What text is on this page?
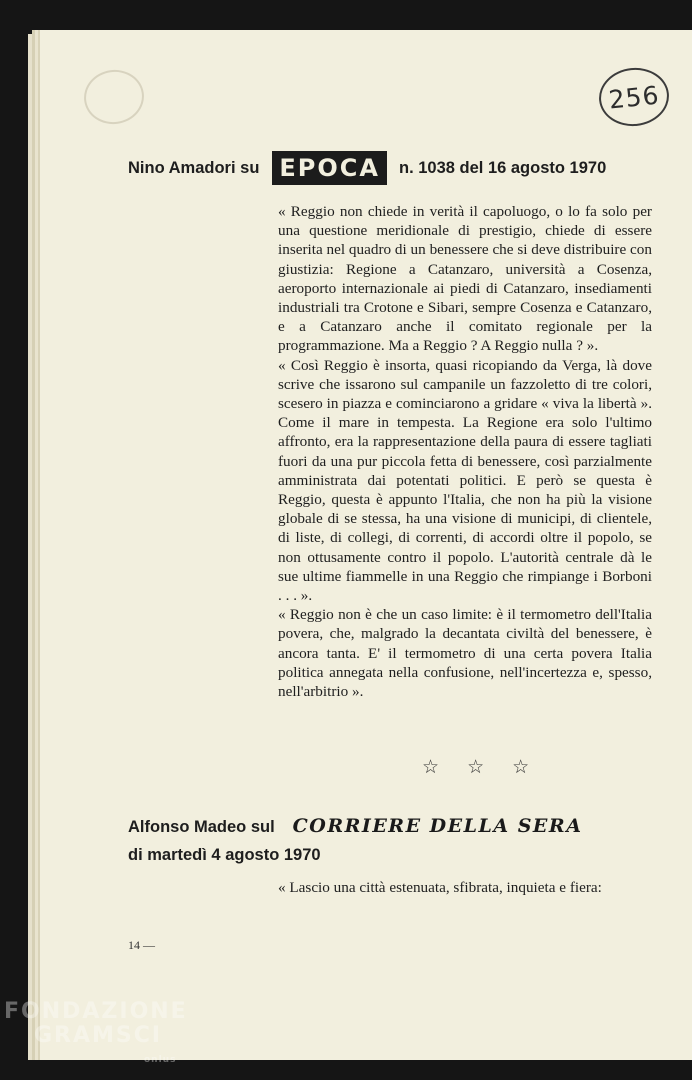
​	256
Nino Amadori su EPOCA	n. 1038 del 16 agosto 1970

« Reggio non chiede in verità il capoluogo, o lo fa solo per una questione meridionale di prestigio, chiede di essere inserita nel quadro di un benessere che si deve distribuire con giustizia: Regione a Catanzaro, università a Cosenza, aeroporto internazionale ai piedi di Catanzaro, insediamenti industriali tra Crotone e Sibari, sempre Cosenza e Catanzaro, e a Catanzaro anche il comitato regionale per la programmazione. Ma a Reggio ? A Reggio nulla ? ».

« Così Reggio è insorta, quasi ricopiando da Verga, là dove scrive che issarono sul campanile un fazzoletto di tre colori, scesero in piazza e cominciarono a gridare « viva la libertà ». Come il mare in tempesta. La Regione era solo l'ultimo affronto, era la rappresentazione della paura di essere tagliati fuori da una pur piccola fetta di benessere, così parzialmente amministrata dai potentati politici. E però se questa è Reggio, questa è appunto l'Italia, che non ha più la visione globale di se stessa, ha una visione di municipi, di clientele, di liste, di collegi, di correnti, di accordi oltre il popolo, se non ottusamente contro il popolo. L'autorità centrale dà le sue ultime fiammelle in una Reggio che rimpiange i Borboni . . . ».

« Reggio non è che un caso limite: è il termometro dell'Italia povera, che, malgrado la decantata civiltà del benessere, è ancora tanta. E' il termometro di una certa povera Italia politica annegata nella confusione, nell'incertezza e, spesso, nell'arbitrio ».

☆ ☆ ☆
Alfonso Madeo sul CORRIERE DELLA SERA
di martedì 4 agosto 1970
« Lascio una città estenuata, sfibrata, inquieta e fiera:
14 —
FONDAZIONE
GRAMSCI
onlus
